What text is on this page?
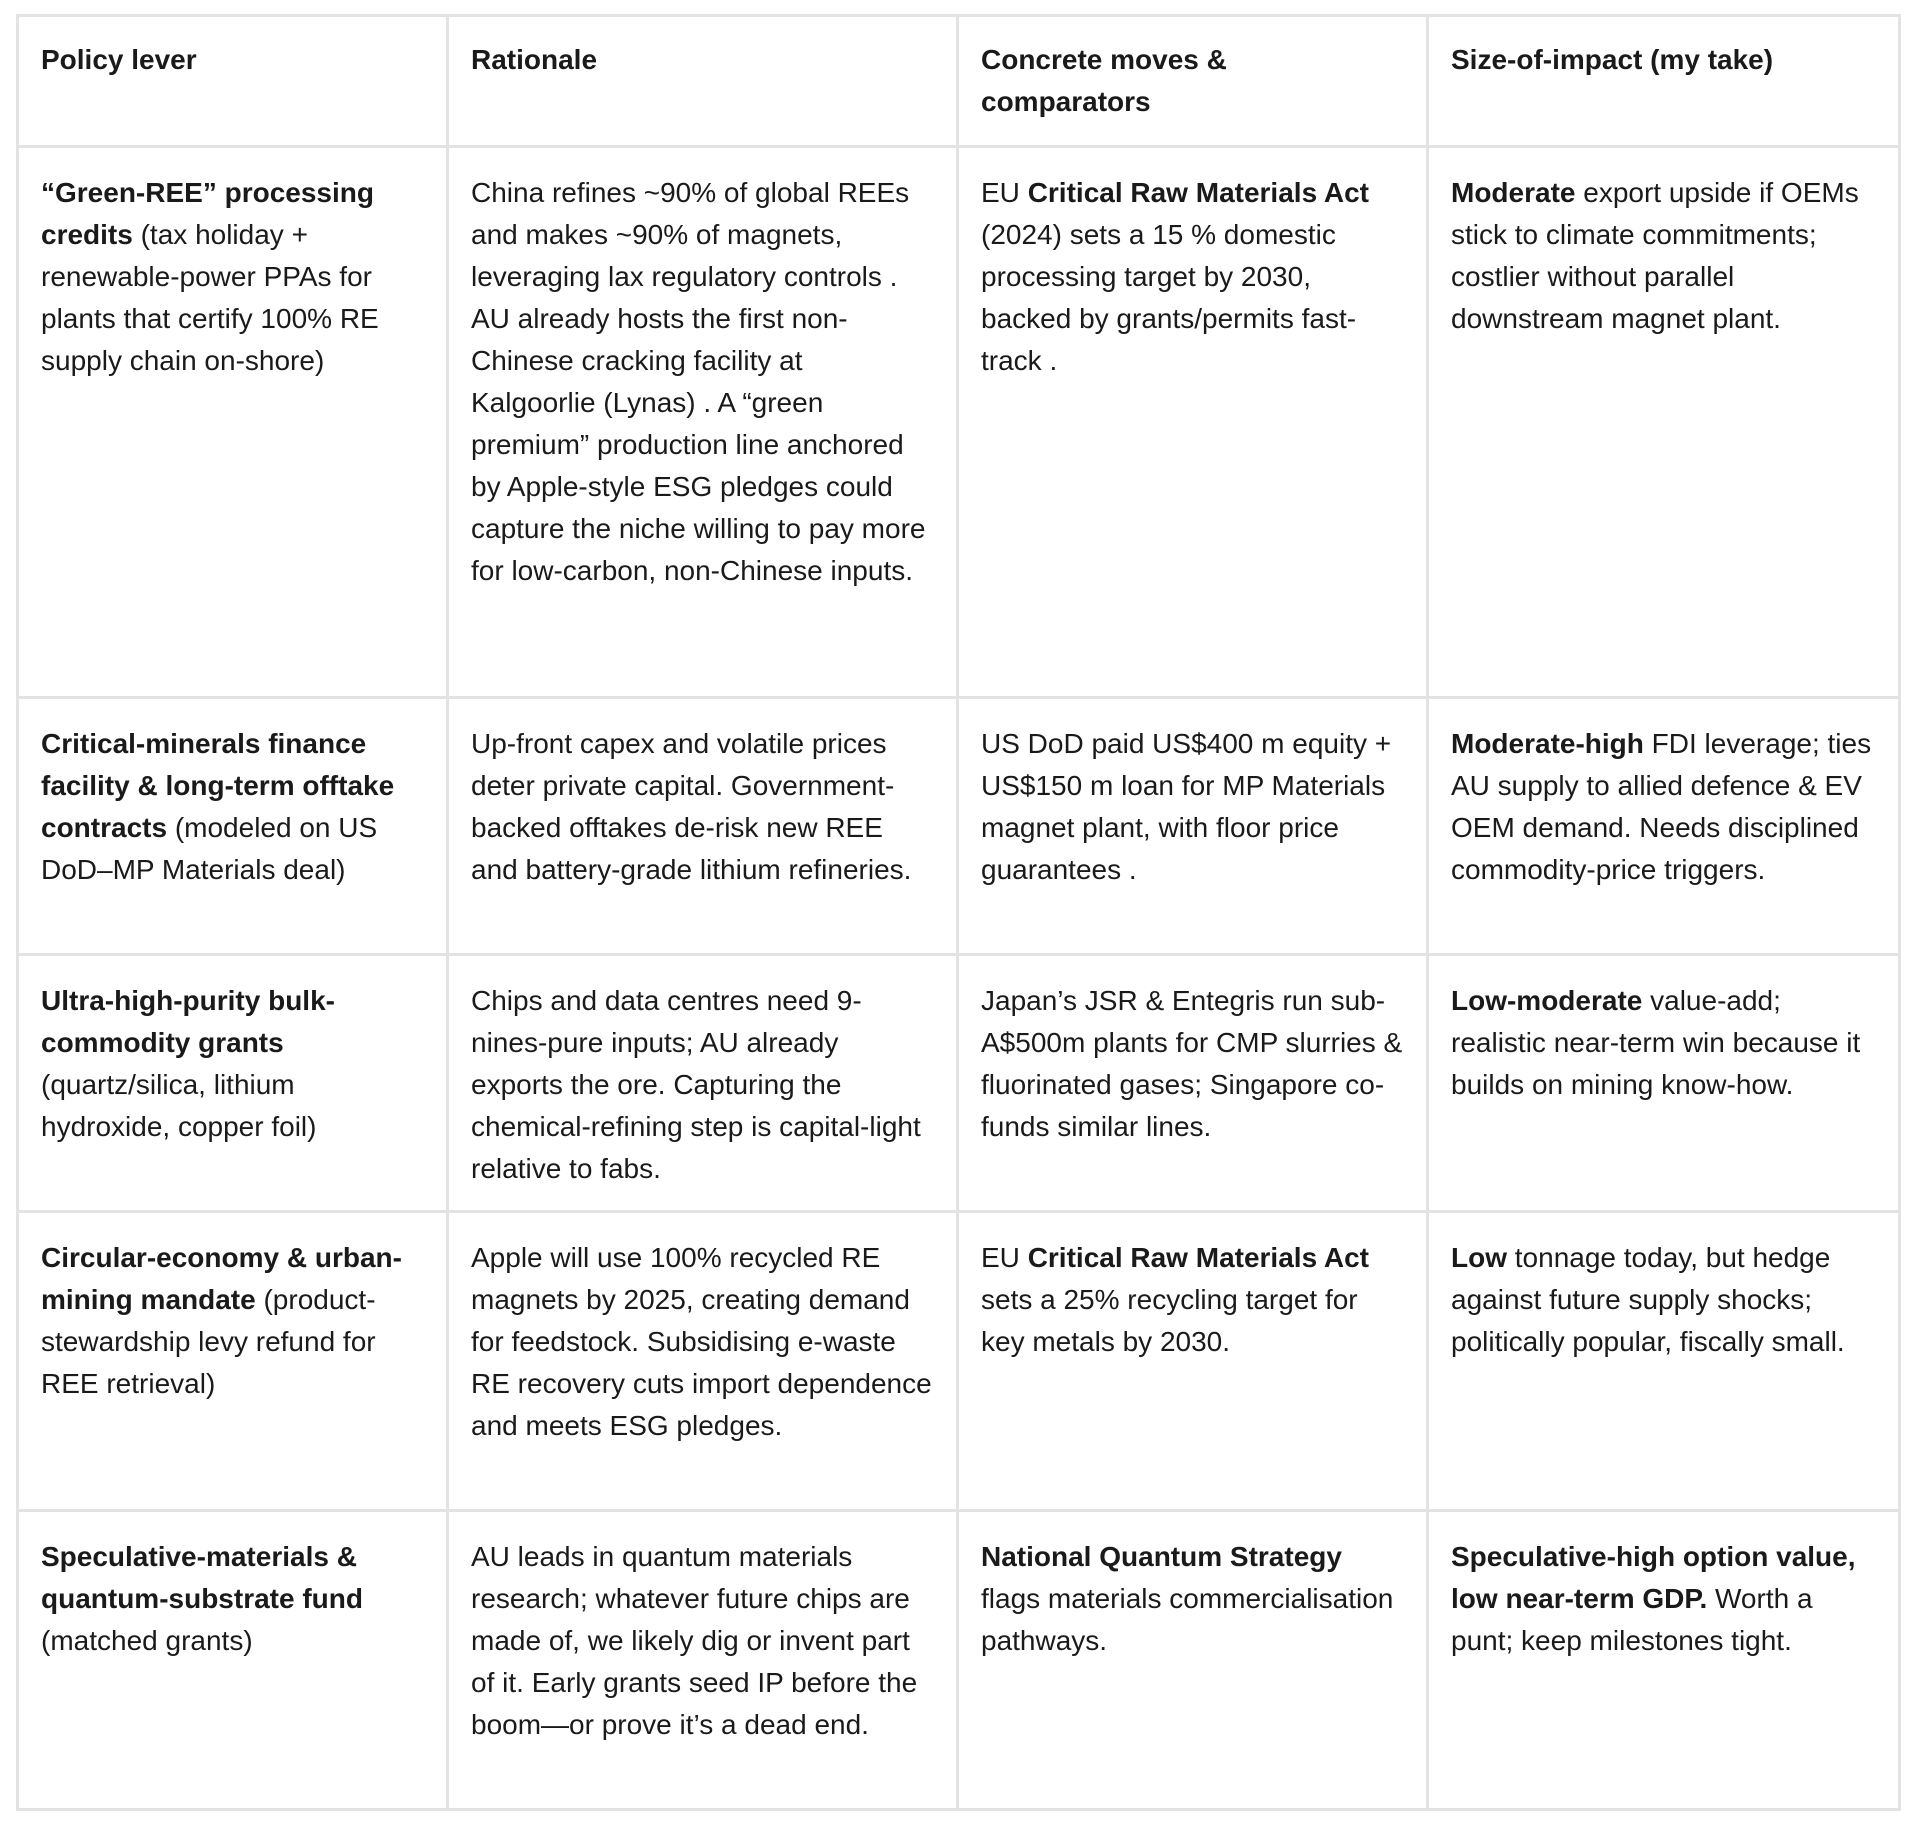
Policy lever	Rationale	Concrete moves & comparators	Size-of-impact (my take)
“Green-REE” processing credits (tax holiday + renewable-power PPAs for plants that certify 100% RE supply chain on-shore)	China refines ~90% of global REEs and makes ~90% of magnets, leveraging lax regulatory controls . AU already hosts the first non-Chinese cracking facility at Kalgoorlie (Lynas) . A “green premium” production line anchored by Apple-style ESG pledges could capture the niche willing to pay more for low-carbon, non-Chinese inputs.	EU Critical Raw Materials Act (2024) sets a 15 % domestic processing target by 2030, backed by grants/permits fast-track .	Moderate export upside if OEMs stick to climate commitments; costlier without parallel downstream magnet plant.
Critical-minerals finance facility & long-term offtake contracts (modeled on US DoD–MP Materials deal)	Up-front capex and volatile prices deter private capital. Government-backed offtakes de-risk new REE and battery-grade lithium refineries.	US DoD paid US$400 m equity + US$150 m loan for MP Materials magnet plant, with floor price guarantees .	Moderate-high FDI leverage; ties AU supply to allied defence & EV OEM demand. Needs disciplined commodity-price triggers.
Ultra-high-purity bulk-commodity grants (quartz/silica, lithium hydroxide, copper foil)	Chips and data centres need 9-nines-pure inputs; AU already exports the ore. Capturing the chemical-refining step is capital-light relative to fabs.	Japan’s JSR & Entegris run sub-A$500m plants for CMP slurries & fluorinated gases; Singapore co-funds similar lines.	Low-moderate value-add; realistic near-term win because it builds on mining know-how.
Circular-economy & urban-mining mandate (product-stewardship levy refund for REE retrieval)	Apple will use 100% recycled RE magnets by 2025, creating demand for feedstock. Subsidising e-waste RE recovery cuts import dependence and meets ESG pledges.	EU Critical Raw Materials Act sets a 25% recycling target for key metals by 2030.	Low tonnage today, but hedge against future supply shocks; politically popular, fiscally small.
Speculative-materials & quantum-substrate fund (matched grants)	AU leads in quantum materials research; whatever future chips are made of, we likely dig or invent part of it. Early grants seed IP before the boom—or prove it’s a dead end.	National Quantum Strategy flags materials commercialisation pathways.	Speculative-high option value, low near-term GDP. Worth a punt; keep milestones tight.
